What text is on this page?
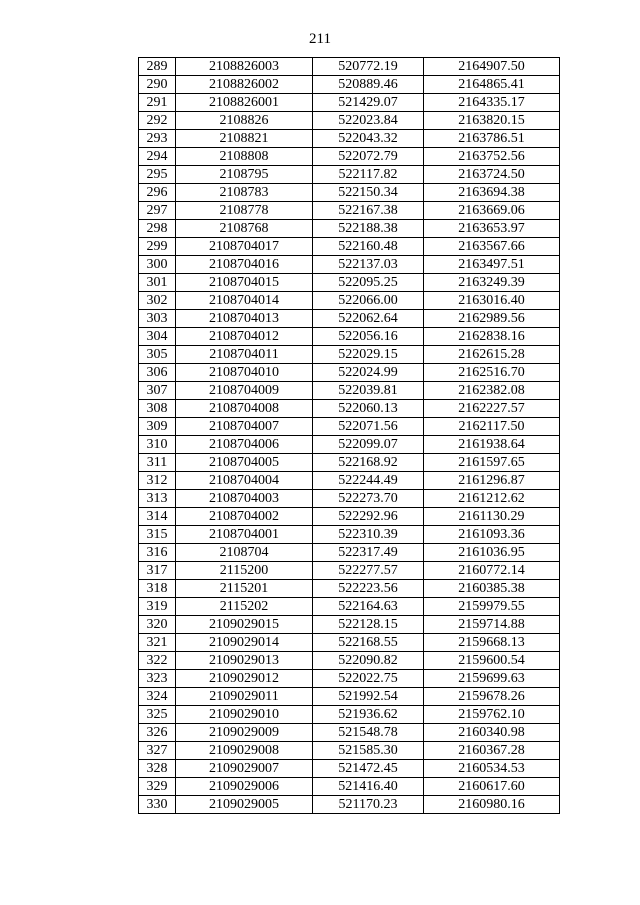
211
289	2108826003	520772.19	2164907.50
290	2108826002	520889.46	2164865.41
291	2108826001	521429.07	2164335.17
292	2108826	522023.84	2163820.15
293	2108821	522043.32	2163786.51
294	2108808	522072.79	2163752.56
295	2108795	522117.82	2163724.50
296	2108783	522150.34	2163694.38
297	2108778	522167.38	2163669.06
298	2108768	522188.38	2163653.97
299	2108704017	522160.48	2163567.66
300	2108704016	522137.03	2163497.51
301	2108704015	522095.25	2163249.39
302	2108704014	522066.00	2163016.40
303	2108704013	522062.64	2162989.56
304	2108704012	522056.16	2162838.16
305	2108704011	522029.15	2162615.28
306	2108704010	522024.99	2162516.70
307	2108704009	522039.81	2162382.08
308	2108704008	522060.13	2162227.57
309	2108704007	522071.56	2162117.50
310	2108704006	522099.07	2161938.64
311	2108704005	522168.92	2161597.65
312	2108704004	522244.49	2161296.87
313	2108704003	522273.70	2161212.62
314	2108704002	522292.96	2161130.29
315	2108704001	522310.39	2161093.36
316	2108704	522317.49	2161036.95
317	2115200	522277.57	2160772.14
318	2115201	522223.56	2160385.38
319	2115202	522164.63	2159979.55
320	2109029015	522128.15	2159714.88
321	2109029014	522168.55	2159668.13
322	2109029013	522090.82	2159600.54
323	2109029012	522022.75	2159699.63
324	2109029011	521992.54	2159678.26
325	2109029010	521936.62	2159762.10
326	2109029009	521548.78	2160340.98
327	2109029008	521585.30	2160367.28
328	2109029007	521472.45	2160534.53
329	2109029006	521416.40	2160617.60
330	2109029005	521170.23	2160980.16
